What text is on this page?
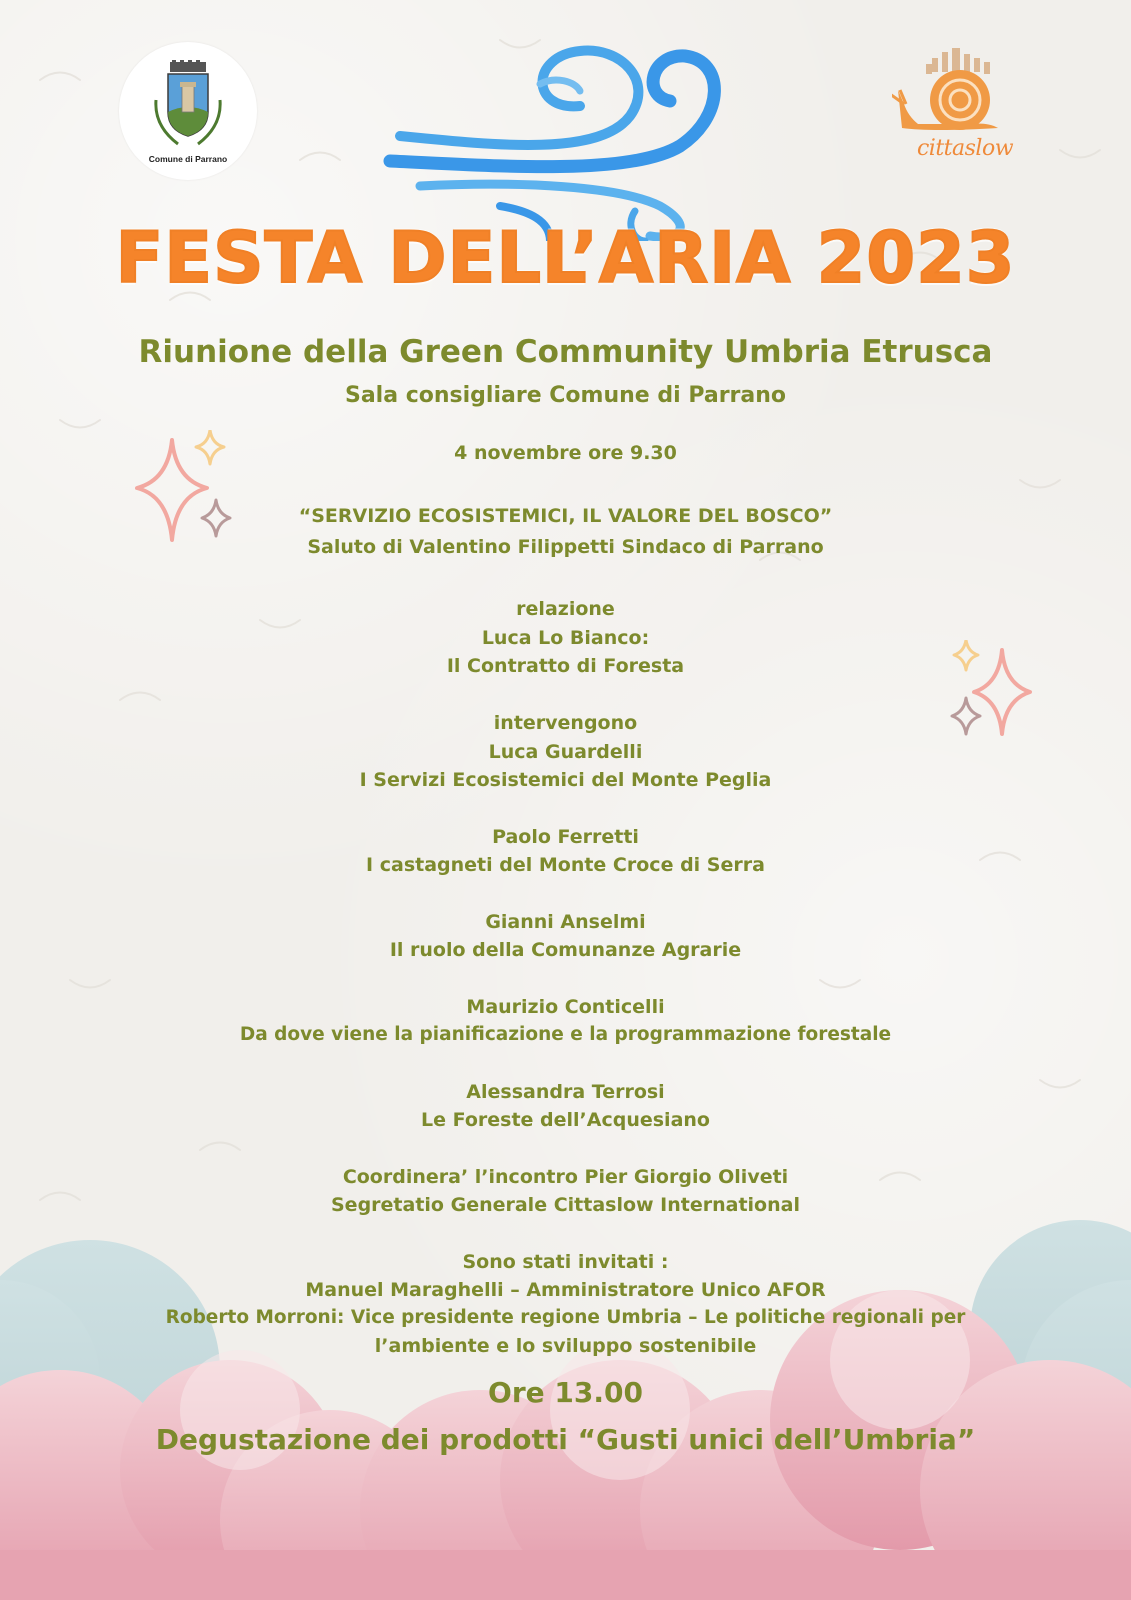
Comune di Parrano	cittaslow
FESTA DELL’ARIA 2023
Riunione della Green Community Umbria Etrusca
Sala consigliare Comune di Parrano
4 novembre ore 9.30
“SERVIZIO ECOSISTEMICI, IL VALORE DEL BOSCO”
Saluto di Valentino Filippetti Sindaco di Parrano
relazione
Luca Lo Bianco:
Il Contratto di Foresta
intervengono
Luca Guardelli
I Servizi Ecosistemici del Monte Peglia
Paolo Ferretti
I castagneti del Monte Croce di Serra
Gianni Anselmi
Il ruolo della Comunanze Agrarie
Maurizio Conticelli
Da dove viene la pianificazione e la programmazione forestale
Alessandra Terrosi
Le Foreste dell’Acquesiano
Coordinera’ l’incontro Pier Giorgio Oliveti
Segretatio Generale Cittaslow International
Sono stati invitati :
Manuel Maraghelli – Amministratore Unico AFOR
Roberto Morroni: Vice presidente regione Umbria – Le politiche regionali per
l’ambiente e lo sviluppo sostenibile
Ore 13.00
Degustazione dei prodotti “Gusti unici dell’Umbria”
